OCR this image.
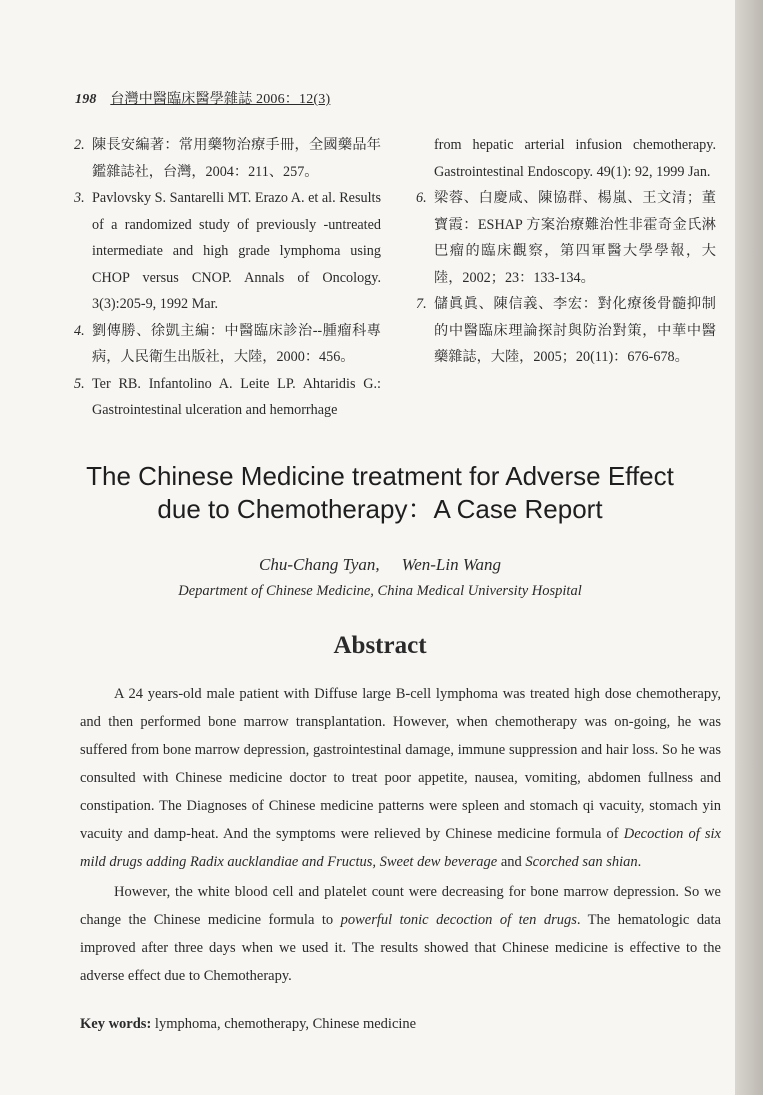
198 台灣中醫臨床醫學雜誌 2006：12(3)
2. 陳長安編著：常用藥物治療手冊，全國藥品年鑑雜誌社，台灣，2004：211、257。
3. Pavlovsky S. Santarelli MT. Erazo A. et al. Results of a randomized study of previously -untreated intermediate and high grade lymphoma using CHOP versus CNOP. Annals of Oncology. 3(3):205-9, 1992 Mar.
4. 劉傳勝、徐凱主編：中醫臨床診治--腫瘤科專病，人民衛生出版社，大陸，2000：456。
5. Ter RB. Infantolino A. Leite LP. Ahtaridis G.: Gastrointestinal ulceration and hemorrhage
from hepatic arterial infusion chemotherapy. Gastrointestinal Endoscopy. 49(1): 92, 1999 Jan.
6. 梁蓉、白慶咸、陳協群、楊嵐、王文清；董寶霞：ESHAP 方案治療難治性非霍奇金氏淋巴瘤的臨床觀察，第四軍醫大學學報，大陸，2002；23：133-134。
7. 儲眞眞、陳信義、李宏：對化療後骨髓抑制的中醫臨床理論探討與防治對策，中華中醫藥雜誌，大陸，2005；20(11)：676-678。
The Chinese Medicine treatment for Adverse Effect
due to Chemotherapy：A Case Report
Chu-Chang Tyan, Wen-Lin Wang
Department of Chinese Medicine, China Medical University Hospital
Abstract

A 24 years-old male patient with Diffuse large B-cell lymphoma was treated high dose chemotherapy, and then performed bone marrow transplantation. However, when chemotherapy was on-going, he was suffered from bone marrow depression, gastrointestinal damage, immune suppression and hair loss. So he was consulted with Chinese medicine doctor to treat poor appetite, nausea, vomiting, abdomen fullness and constipation. The Diagnoses of Chinese medicine patterns were spleen and stomach qi vacuity, stomach yin vacuity and damp-heat. And the symptoms were relieved by Chinese medicine formula of Decoction of six mild drugs adding Radix aucklandiae and Fructus, Sweet dew beverage and Scorched san shian.

However, the white blood cell and platelet count were decreasing for bone marrow depression. So we change the Chinese medicine formula to powerful tonic decoction of ten drugs. The hematologic data improved after three days when we used it. The results showed that Chinese medicine is effective to the adverse effect due to Chemotherapy.

Key words: lymphoma, chemotherapy, Chinese medicine
